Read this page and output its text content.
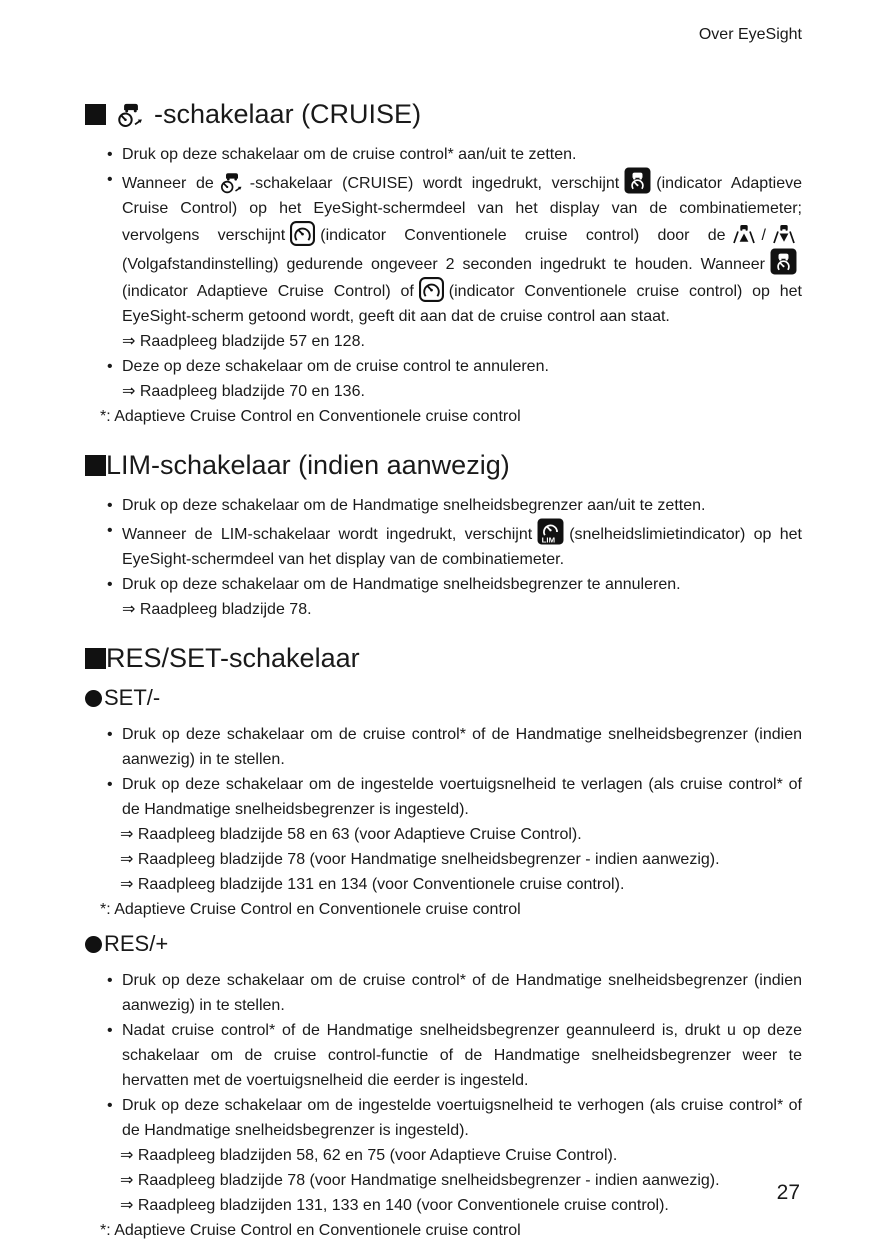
Over EyeSight
-schakelaar (CRUISE)
• Druk op deze schakelaar om de cruise control* aan/uit te zetten.
• Wanneer de -schakelaar (CRUISE) wordt ingedrukt, verschijnt (indicator Adaptieve Cruise Control) op het EyeSight-schermdeel van het display van de combinatiemeter; vervolgens verschijnt (indicator Conventionele cruise control) door de /
(Volgafstandinstelling) gedurende ongeveer 2 seconden ingedrukt te houden. Wanneer
(indicator Adaptieve Cruise Control) of (indicator Conventionele cruise control) op het EyeSight-scherm getoond wordt, geeft dit aan dat de cruise control aan staat.
⇒ Raadpleeg bladzijde 57 en 128.
• Deze op deze schakelaar om de cruise control te annuleren.
⇒ Raadpleeg bladzijde 70 en 136.
*: Adaptieve Cruise Control en Conventionele cruise control
LIM-schakelaar (indien aanwezig)
• Druk op deze schakelaar om de Handmatige snelheidsbegrenzer aan/uit te zetten.
• Wanneer de LIM-schakelaar wordt ingedrukt, verschijnt LIM (snelheidslimietindicator) op het EyeSight-schermdeel van het display van de combinatiemeter.
• Druk op deze schakelaar om de Handmatige snelheidsbegrenzer te annuleren.
⇒ Raadpleeg bladzijde 78.
RES/SET-schakelaar
SET/-
• Druk op deze schakelaar om de cruise control* of de Handmatige snelheidsbegrenzer (indien aanwezig) in te stellen.
• Druk op deze schakelaar om de ingestelde voertuigsnelheid te verlagen (als cruise control* of de Handmatige snelheidsbegrenzer is ingesteld).
⇒ Raadpleeg bladzijde 58 en 63 (voor Adaptieve Cruise Control).
⇒ Raadpleeg bladzijde 78 (voor Handmatige snelheidsbegrenzer - indien aanwezig).
⇒ Raadpleeg bladzijde 131 en 134 (voor Conventionele cruise control).
*: Adaptieve Cruise Control en Conventionele cruise control
RES/+
• Druk op deze schakelaar om de cruise control* of de Handmatige snelheidsbegrenzer (indien aanwezig) in te stellen.
• Nadat cruise control* of de Handmatige snelheidsbegrenzer geannuleerd is, drukt u op deze schakelaar om de cruise control-functie of de Handmatige snelheidsbegrenzer weer te hervatten met de voertuigsnelheid die eerder is ingesteld.
• Druk op deze schakelaar om de ingestelde voertuigsnelheid te verhogen (als cruise control* of de Handmatige snelheidsbegrenzer is ingesteld).
⇒ Raadpleeg bladzijden 58, 62 en 75 (voor Adaptieve Cruise Control).
⇒ Raadpleeg bladzijde 78 (voor Handmatige snelheidsbegrenzer - indien aanwezig).
⇒ Raadpleeg bladzijden 131, 133 en 140 (voor Conventionele cruise control).
*: Adaptieve Cruise Control en Conventionele cruise control
27
